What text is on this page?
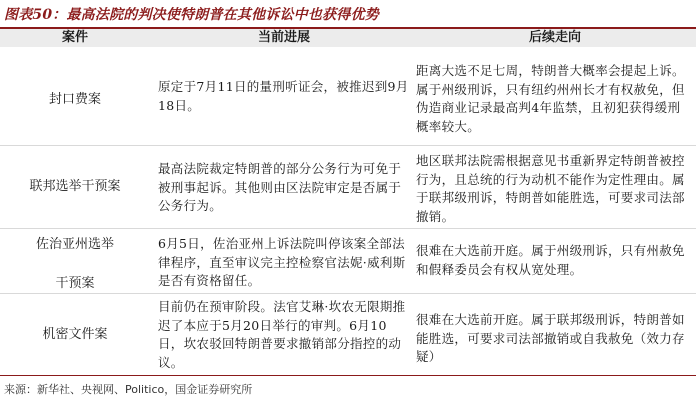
图表50：最高法院的判决使特朗普在其他诉讼中也获得优势
案件	当前进展	后续走向
封口费案
原定于7月11日的量刑听证会，被推迟到9月18日。
距离大选不足七周，特朗普大概率会提起上诉。属于州级刑诉，只有纽约州州长才有权赦免，但伪造商业记录最高判4年监禁，且初犯获得缓刑概率较大。
联邦选举干预案
最高法院裁定特朗普的部分公务行为可免于被刑事起诉。其他则由区法院审定是否属于公务行为。
地区联邦法院需根据意见书重新界定特朗普被控行为，且总统的行为动机不能作为定性理由。属于联邦级刑诉，特朗普如能胜选，可要求司法部撤销。
佐治亚州选举
干预案
6月5日，佐治亚州上诉法院叫停该案全部法律程序，直至审议完主控检察官法妮·威利斯是否有资格留任。
很难在大选前开庭。属于州级刑诉，只有州赦免和假释委员会有权从宽处理。
机密文件案
目前仍在预审阶段。法官艾琳·坎农无限期推迟了本应于5月20日举行的审判。6月10日，坎农驳回特朗普要求撤销部分指控的动议。
很难在大选前开庭。属于联邦级刑诉，特朗普如能胜选，可要求司法部撤销或自我赦免（效力存疑）
来源：新华社、央视网、Politico，国金证券研究所
